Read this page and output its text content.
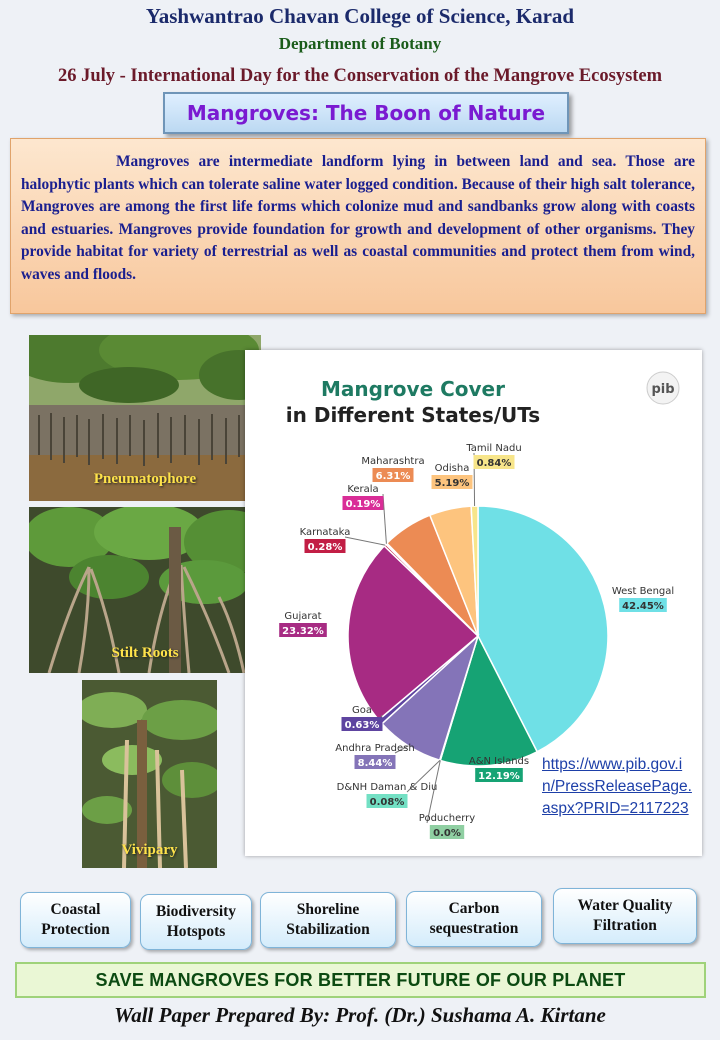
Yashwantrao Chavan College of Science, Karad
Department of Botany
26 July - International Day for the Conservation of the Mangrove Ecosystem
Mangroves: The Boon of Nature

Mangroves are intermediate landform lying in between land and sea. Those are halophytic plants which can tolerate saline water logged condition. Because of their high salt tolerance, Mangroves are among the first life forms which colonize mud and sandbanks grow along with coasts and estuaries. Mangroves provide foundation for growth and development of other organisms. They provide habitat for variety of terrestrial as well as coastal communities and protect them from wind, waves and floods.

Pneumatophore
Stilt Roots
Vivipary
Mangrove Cover
in Different States/UTs
pib
West Bengal
42.45%
A&N Islands
12.19%
Poducherry
0.0%
D&NH Daman & Diu
0.08%
Andhra Pradesh
8.44%
Goa
0.63%
Gujarat
23.32%
Karnataka
0.28%
Kerala
0.19%
Maharashtra
6.31%
Odisha
5.19%
Tamil Nadu
0.84%
https://www.pib.gov.in/PressReleasePage.aspx?PRID=2117223
Coastal Protection
Biodiversity Hotspots
Shoreline Stabilization
Carbon sequestration
Water Quality Filtration
SAVE MANGROVES FOR BETTER FUTURE OF OUR PLANET
Wall Paper Prepared By: Prof. (Dr.) Sushama A. Kirtane
